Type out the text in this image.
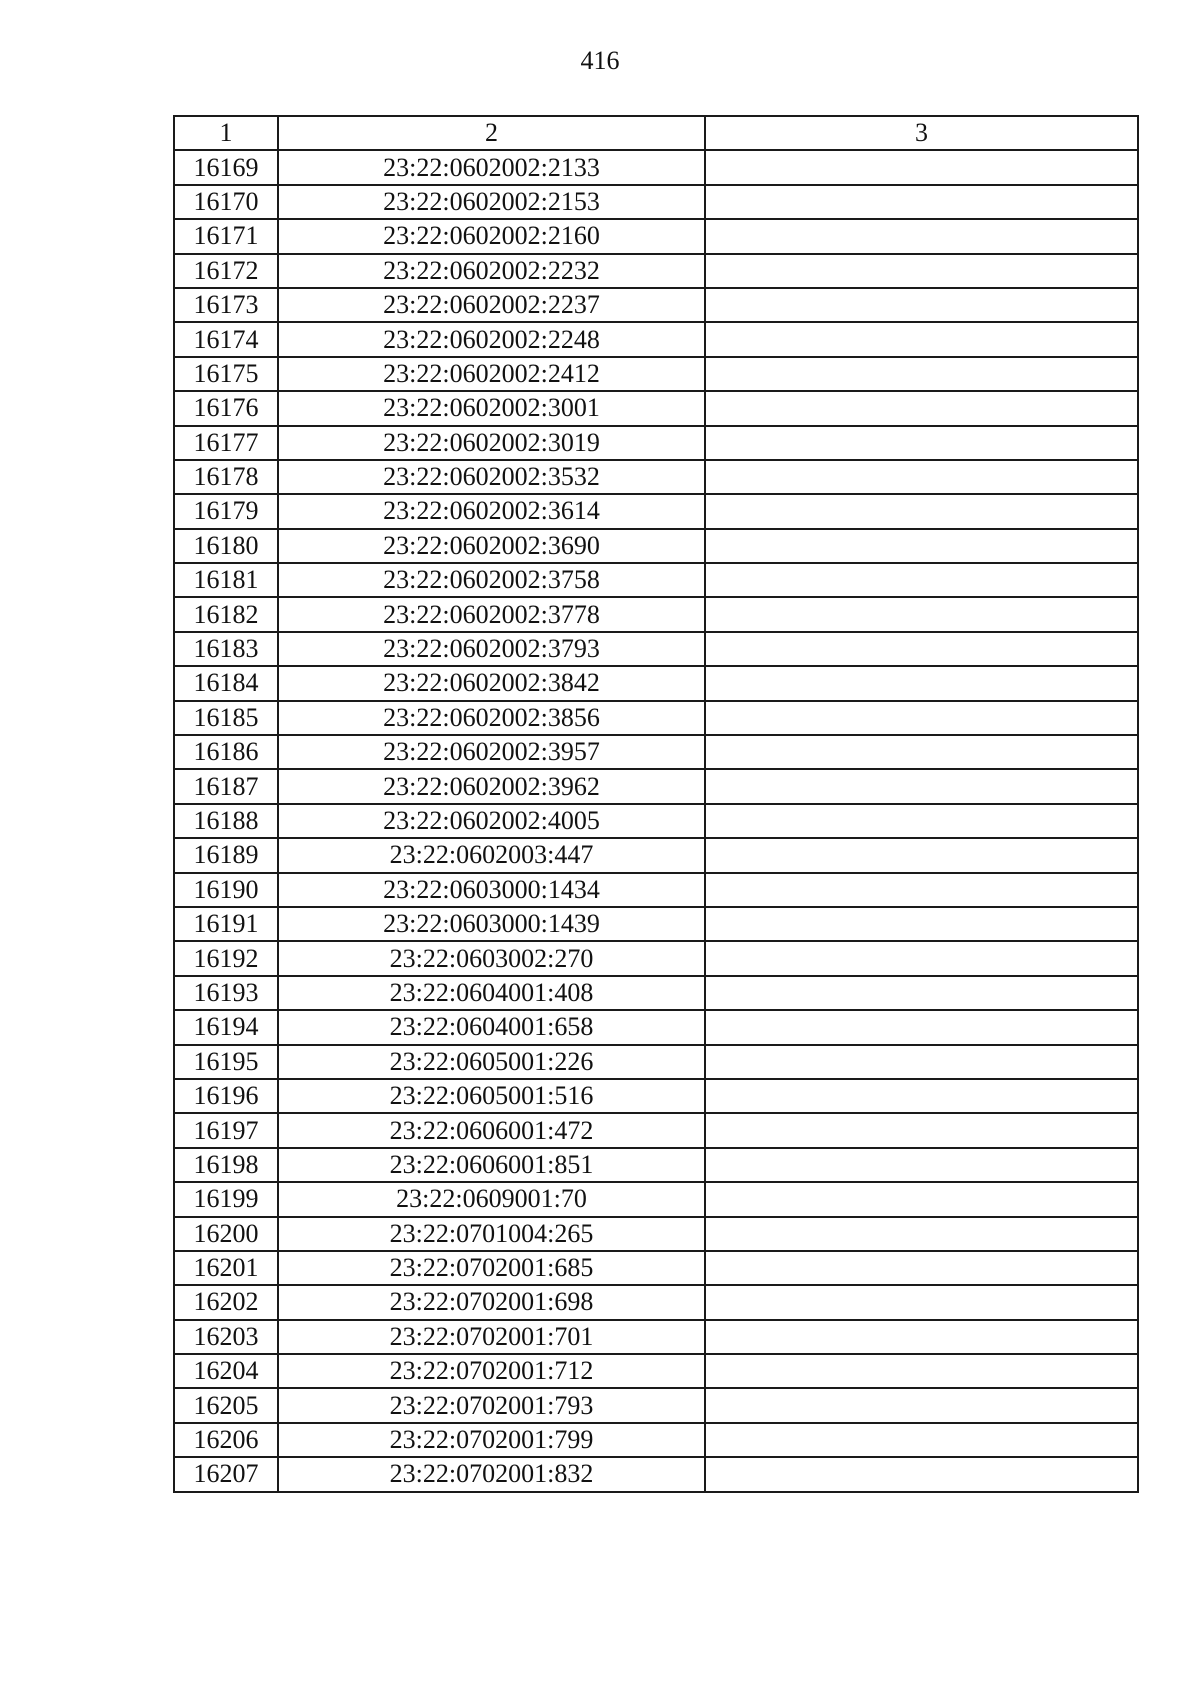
416
1	2	3
16169	23:22:0602002:2133	
16170	23:22:0602002:2153	
16171	23:22:0602002:2160	
16172	23:22:0602002:2232	
16173	23:22:0602002:2237	
16174	23:22:0602002:2248	
16175	23:22:0602002:2412	
16176	23:22:0602002:3001	
16177	23:22:0602002:3019	
16178	23:22:0602002:3532	
16179	23:22:0602002:3614	
16180	23:22:0602002:3690	
16181	23:22:0602002:3758	
16182	23:22:0602002:3778	
16183	23:22:0602002:3793	
16184	23:22:0602002:3842	
16185	23:22:0602002:3856	
16186	23:22:0602002:3957	
16187	23:22:0602002:3962	
16188	23:22:0602002:4005	
16189	23:22:0602003:447	
16190	23:22:0603000:1434	
16191	23:22:0603000:1439	
16192	23:22:0603002:270	
16193	23:22:0604001:408	
16194	23:22:0604001:658	
16195	23:22:0605001:226	
16196	23:22:0605001:516	
16197	23:22:0606001:472	
16198	23:22:0606001:851	
16199	23:22:0609001:70	
16200	23:22:0701004:265	
16201	23:22:0702001:685	
16202	23:22:0702001:698	
16203	23:22:0702001:701	
16204	23:22:0702001:712	
16205	23:22:0702001:793	
16206	23:22:0702001:799	
16207	23:22:0702001:832	
